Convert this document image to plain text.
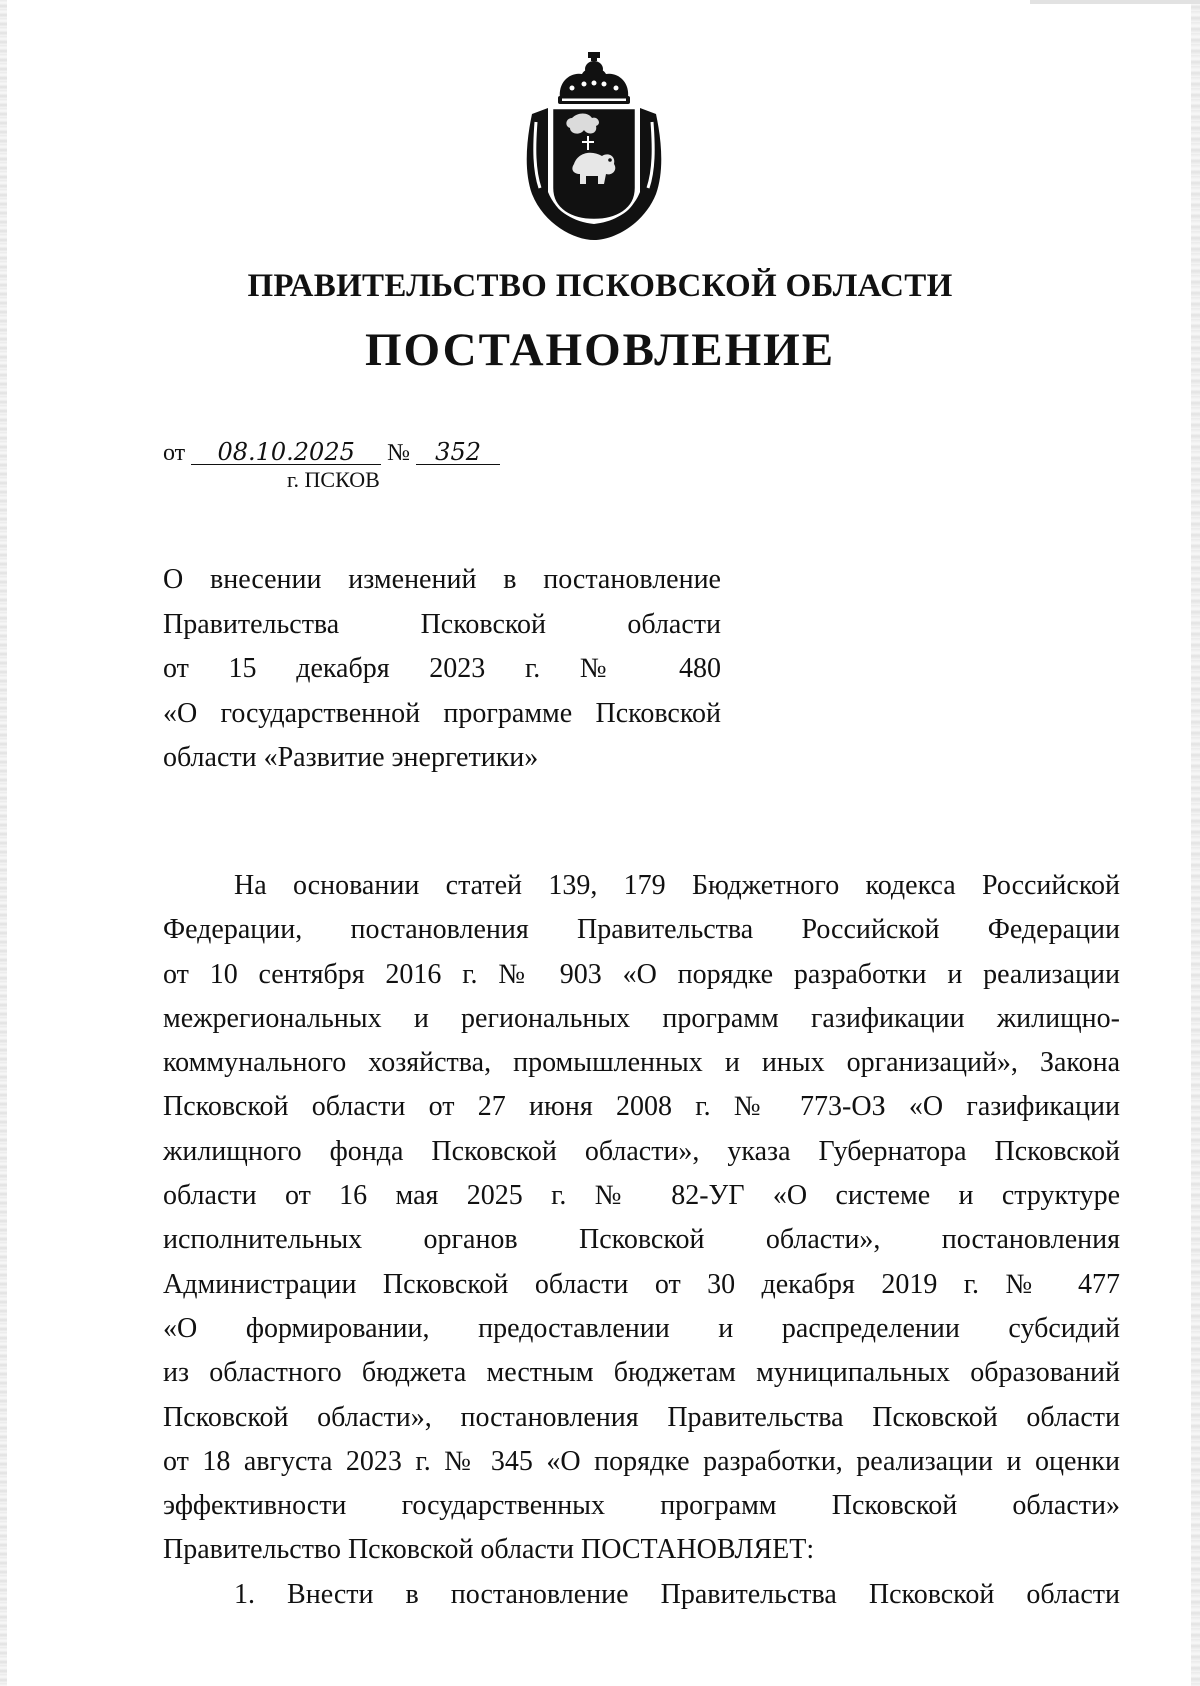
ПРАВИТЕЛЬСТВО ПСКОВСКОЙ ОБЛАСТИ
ПОСТАНОВЛЕНИЕ
от 08.10.2025 № 352
г. ПСКОВ
О внесении изменений в постановление
Правительства Псковской области
от 15 декабря 2023 г. № 480
«О государственной программе Псковской
области «Развитие энергетики»
На основании статей 139, 179 Бюджетного кодекса Российской
Федерации, постановления Правительства Российской Федерации
от 10 сентября 2016 г. № 903 «О порядке разработки и реализации
межрегиональных и региональных программ газификации жилищно-
коммунального хозяйства, промышленных и иных организаций», Закона
Псковской области от 27 июня 2008 г. № 773-ОЗ «О газификации
жилищного фонда Псковской области», указа Губернатора Псковской
области от 16 мая 2025 г. № 82-УГ «О системе и структуре
исполнительных органов Псковской области», постановления
Администрации Псковской области от 30 декабря 2019 г. № 477
«О формировании, предоставлении и распределении субсидий
из областного бюджета местным бюджетам муниципальных образований
Псковской области», постановления Правительства Псковской области
от 18 августа 2023 г. № 345 «О порядке разработки, реализации и оценки
эффективности государственных программ Псковской области»
Правительство Псковской области ПОСТАНОВЛЯЕТ:
1. Внести в постановление Правительства Псковской области
